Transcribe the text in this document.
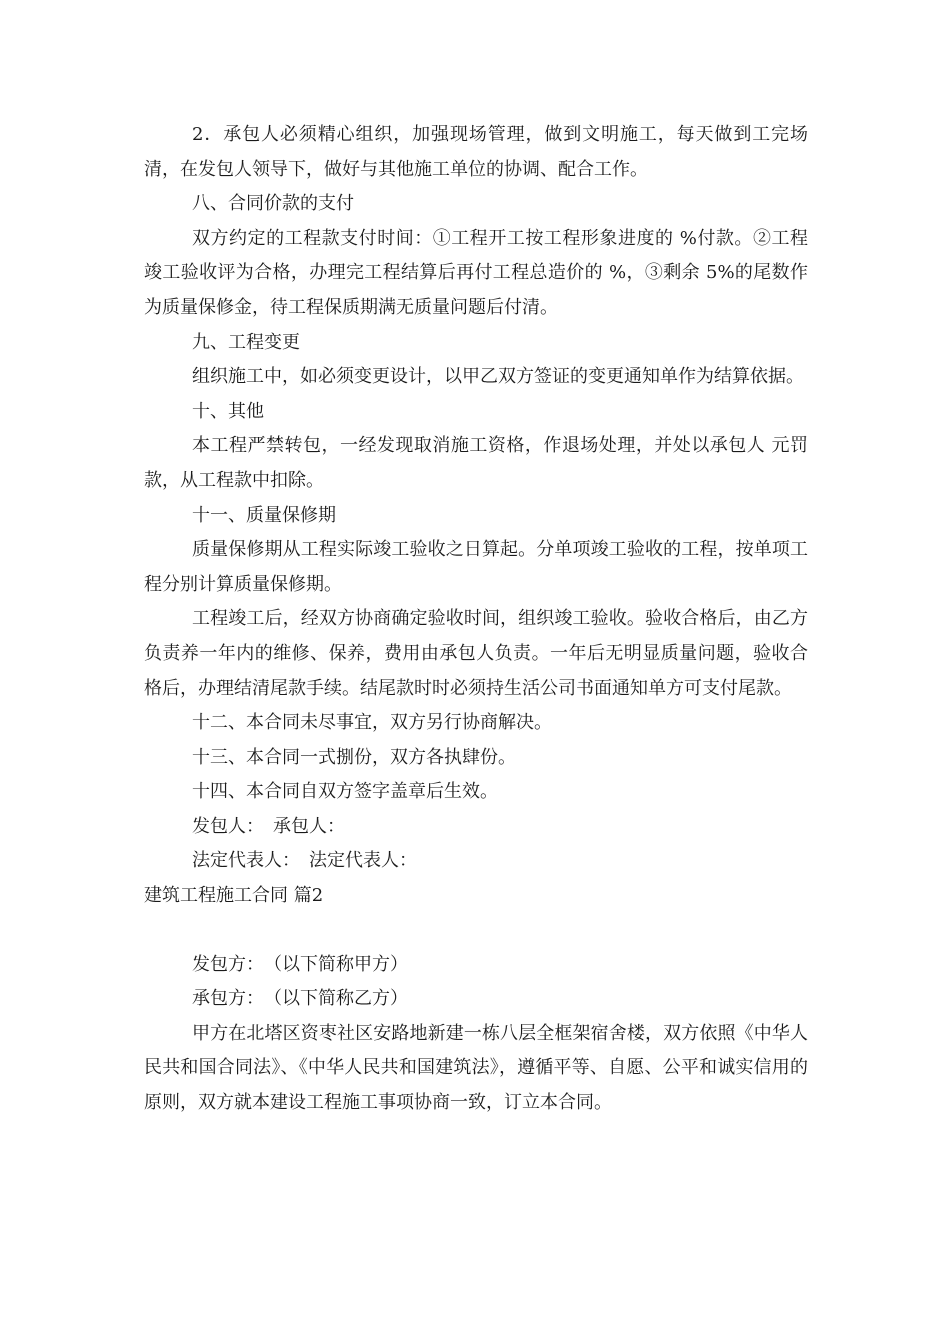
2．承包人必须精心组织，加强现场管理，做到文明施工，每天做到工完场清，在发包人领导下，做好与其他施工单位的协调、配合工作。

八、合同价款的支付

双方约定的工程款支付时间：①工程开工按工程形象进度的 %付款。②工程竣工验收评为合格，办理完工程结算后再付工程总造价的 %，③剩余 5%的尾数作为质量保修金，待工程保质期满无质量问题后付清。

九、工程变更

组织施工中，如必须变更设计，以甲乙双方签证的变更通知单作为结算依据。

十、其他

本工程严禁转包，一经发现取消施工资格，作退场处理，并处以承包人 元罚款，从工程款中扣除。

十一、质量保修期

质量保修期从工程实际竣工验收之日算起。分单项竣工验收的工程，按单项工程分别计算质量保修期。

工程竣工后，经双方协商确定验收时间，组织竣工验收。验收合格后，由乙方负责养一年内的维修、保养，费用由承包人负责。一年后无明显质量问题，验收合格后，办理结清尾款手续。结尾款时时必须持生活公司书面通知单方可支付尾款。

十二、本合同未尽事宜，双方另行协商解决。

十三、本合同一式捌份，双方各执肆份。

十四、本合同自双方签字盖章后生效。

发包人：　承包人：

法定代表人：　法定代表人：

建筑工程施工合同 篇2

发包方：　（以下简称甲方）

承包方：　（以下简称乙方）

甲方在北塔区资枣社区安路地新建一栋八层全框架宿舍楼，双方依照《中华人民共和国合同法》、《中华人民共和国建筑法》，遵循平等、自愿、公平和诚实信用的原则，双方就本建设工程施工事项协商一致，订立本合同。
